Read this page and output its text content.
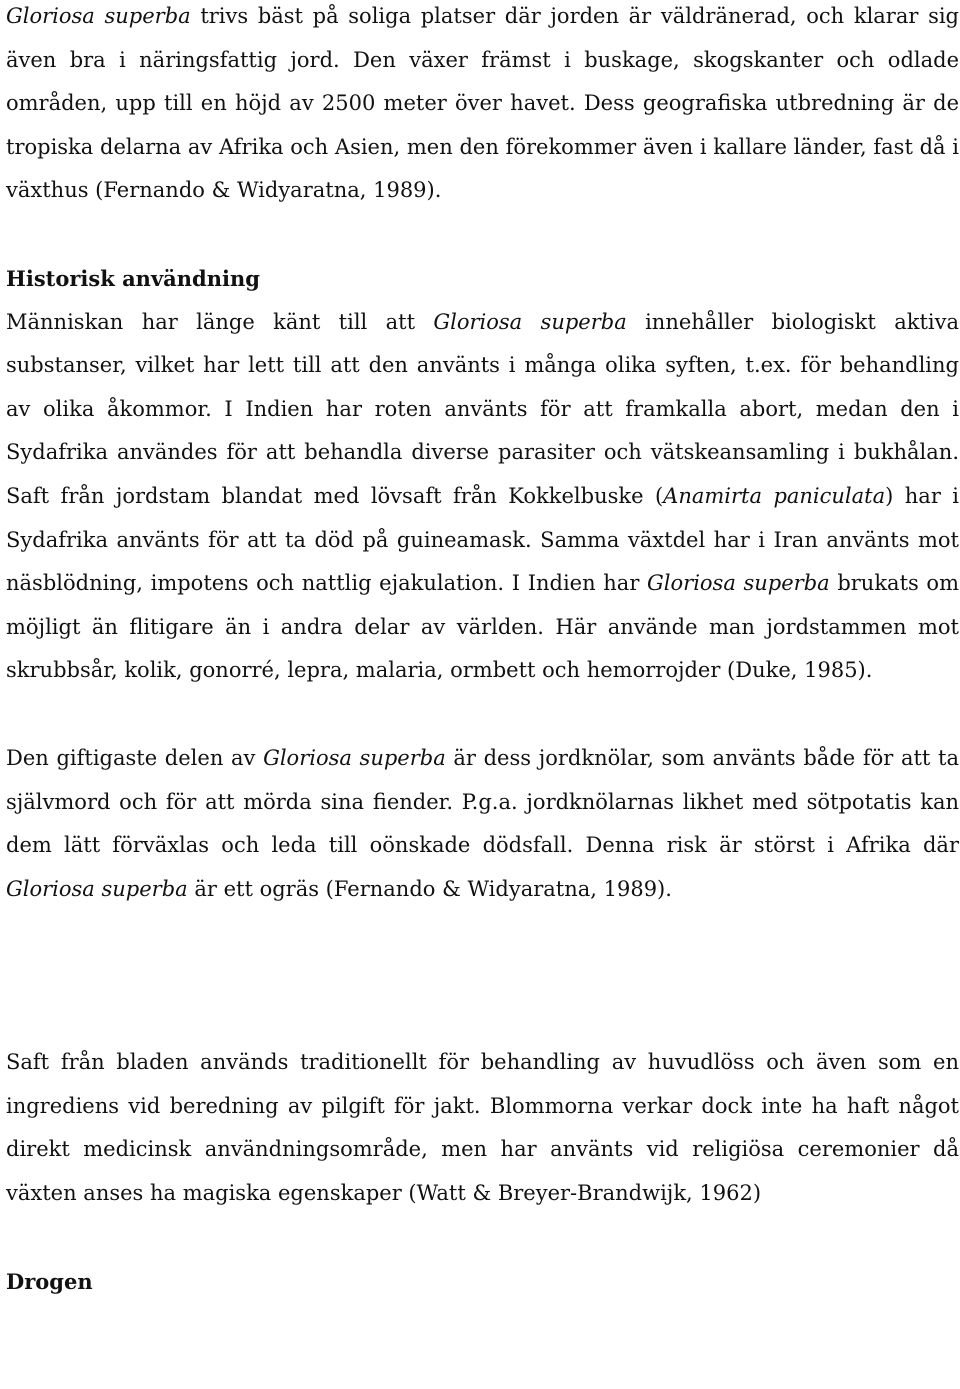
Gloriosa superba trivs bäst på soliga platser där jorden är väldränerad, och klarar sig även bra i näringsfattig jord. Den växer främst i buskage, skogskanter och odlade områden, upp till en höjd av 2500 meter över havet. Dess geografiska utbredning är de tropiska delarna av Afrika och Asien, men den förekommer även i kallare länder, fast då i växthus (Fernando & Widyaratna, 1989).

Historisk användning

Människan har länge känt till att Gloriosa superba innehåller biologiskt aktiva substanser, vilket har lett till att den använts i många olika syften, t.ex. för behandling av olika åkommor. I Indien har roten använts för att framkalla abort, medan den i Sydafrika användes för att behandla diverse parasiter och vätskeansamling i bukhålan. Saft från jordstam blandat med lövsaft från Kokkelbuske (Anamirta paniculata) har i Sydafrika använts för att ta död på guineamask. Samma växtdel har i Iran använts mot näsblödning, impotens och nattlig ejakulation. I Indien har Gloriosa superba brukats om möjligt än flitigare än i andra delar av världen. Här använde man jordstammen mot skrubbsår, kolik, gonorré, lepra, malaria, ormbett och hemorrojder (Duke, 1985).

Den giftigaste delen av Gloriosa superba är dess jordknölar, som använts både för att ta självmord och för att mörda sina fiender. P.g.a. jordknölarnas likhet med sötpotatis kan dem lätt förväxlas och leda till oönskade dödsfall. Denna risk är störst i Afrika där Gloriosa superba är ett ogräs (Fernando & Widyaratna, 1989).

Saft från bladen används traditionellt för behandling av huvudlöss och även som en ingrediens vid beredning av pilgift för jakt. Blommorna verkar dock inte ha haft något direkt medicinsk användningsområde, men har använts vid religiösa ceremonier då växten anses ha magiska egenskaper (Watt & Breyer-Brandwijk, 1962)

Drogen
